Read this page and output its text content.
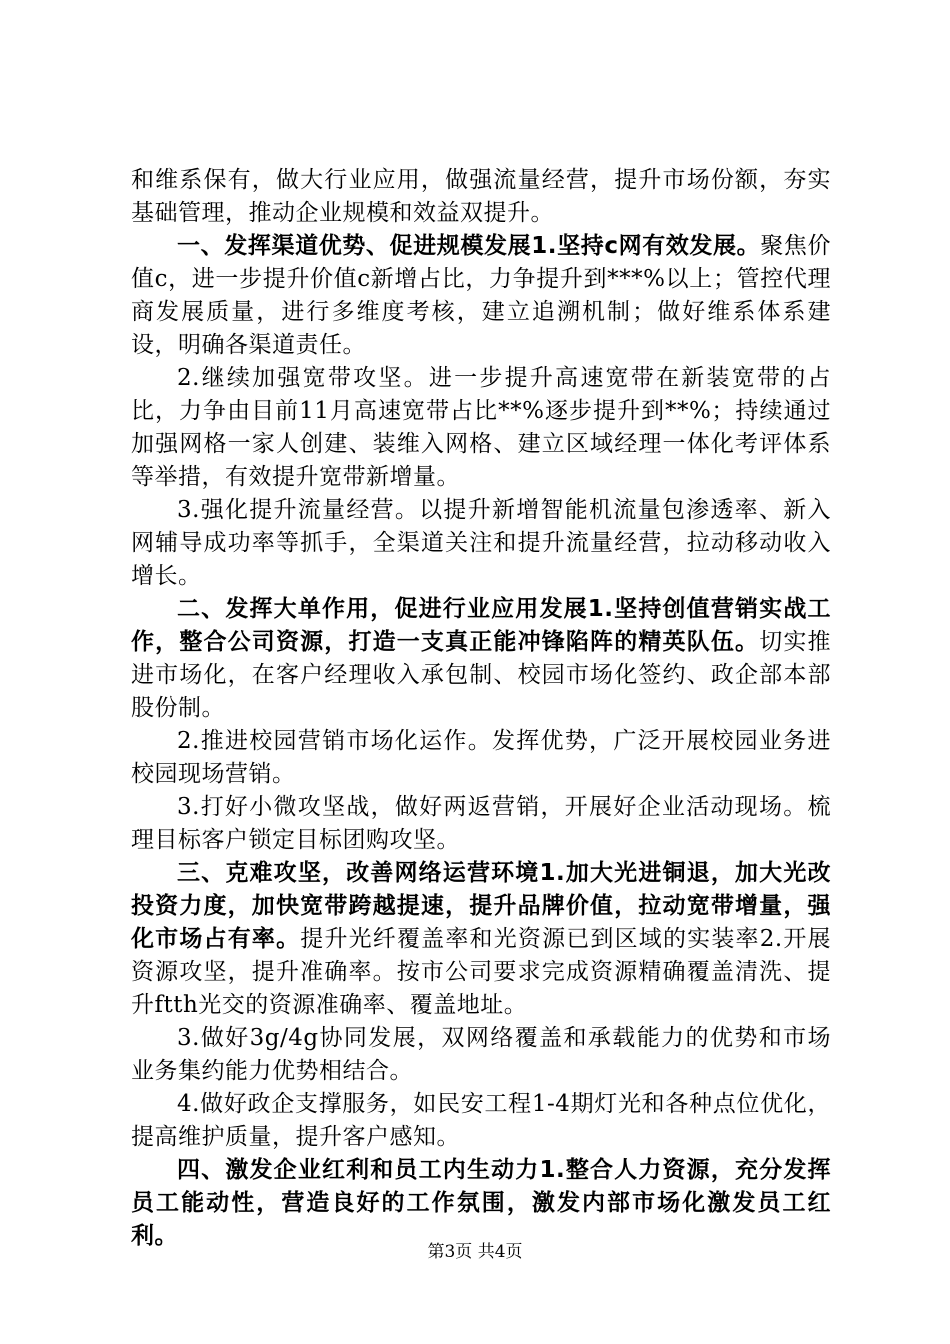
和维系保有，做大行业应用，做强流量经营，提升市场份额，夯实基础管理，推动企业规模和效益双提升。

一、发挥渠道优势、促进规模发展1.坚持c网有效发展。聚焦价值c，进一步提升价值c新增占比，力争提升到***%以上；管控代理商发展质量，进行多维度考核，建立追溯机制；做好维系体系建设，明确各渠道责任。

2.继续加强宽带攻坚。进一步提升高速宽带在新装宽带的占比，力争由目前11月高速宽带占比**%逐步提升到**%；持续通过加强网格一家人创建、装维入网格、建立区域经理一体化考评体系等举措，有效提升宽带新增量。

3.强化提升流量经营。以提升新增智能机流量包渗透率、新入网辅导成功率等抓手，全渠道关注和提升流量经营，拉动移动收入增长。

二、发挥大单作用，促进行业应用发展1.坚持创值营销实战工作，整合公司资源，打造一支真正能冲锋陷阵的精英队伍。切实推进市场化，在客户经理收入承包制、校园市场化签约、政企部本部股份制。

2.推进校园营销市场化运作。发挥优势，广泛开展校园业务进校园现场营销。

3.打好小微攻坚战，做好两返营销，开展好企业活动现场。梳理目标客户锁定目标团购攻坚。

三、克难攻坚，改善网络运营环境1.加大光进铜退，加大光改投资力度，加快宽带跨越提速，提升品牌价值，拉动宽带增量，强化市场占有率。提升光纤覆盖率和光资源已到区域的实装率2.开展资源攻坚，提升准确率。按市公司要求完成资源精确覆盖清洗、提升ftth光交的资源准确率、覆盖地址。

3.做好3g/4g协同发展，双网络覆盖和承载能力的优势和市场业务集约能力优势相结合。

4.做好政企支撑服务，如民安工程1-4期灯光和各种点位优化，提高维护质量，提升客户感知。

四、激发企业红利和员工内生动力1.整合人力资源，充分发挥员工能动性，营造良好的工作氛围，激发内部市场化激发员工红利。

第3页 共4页
